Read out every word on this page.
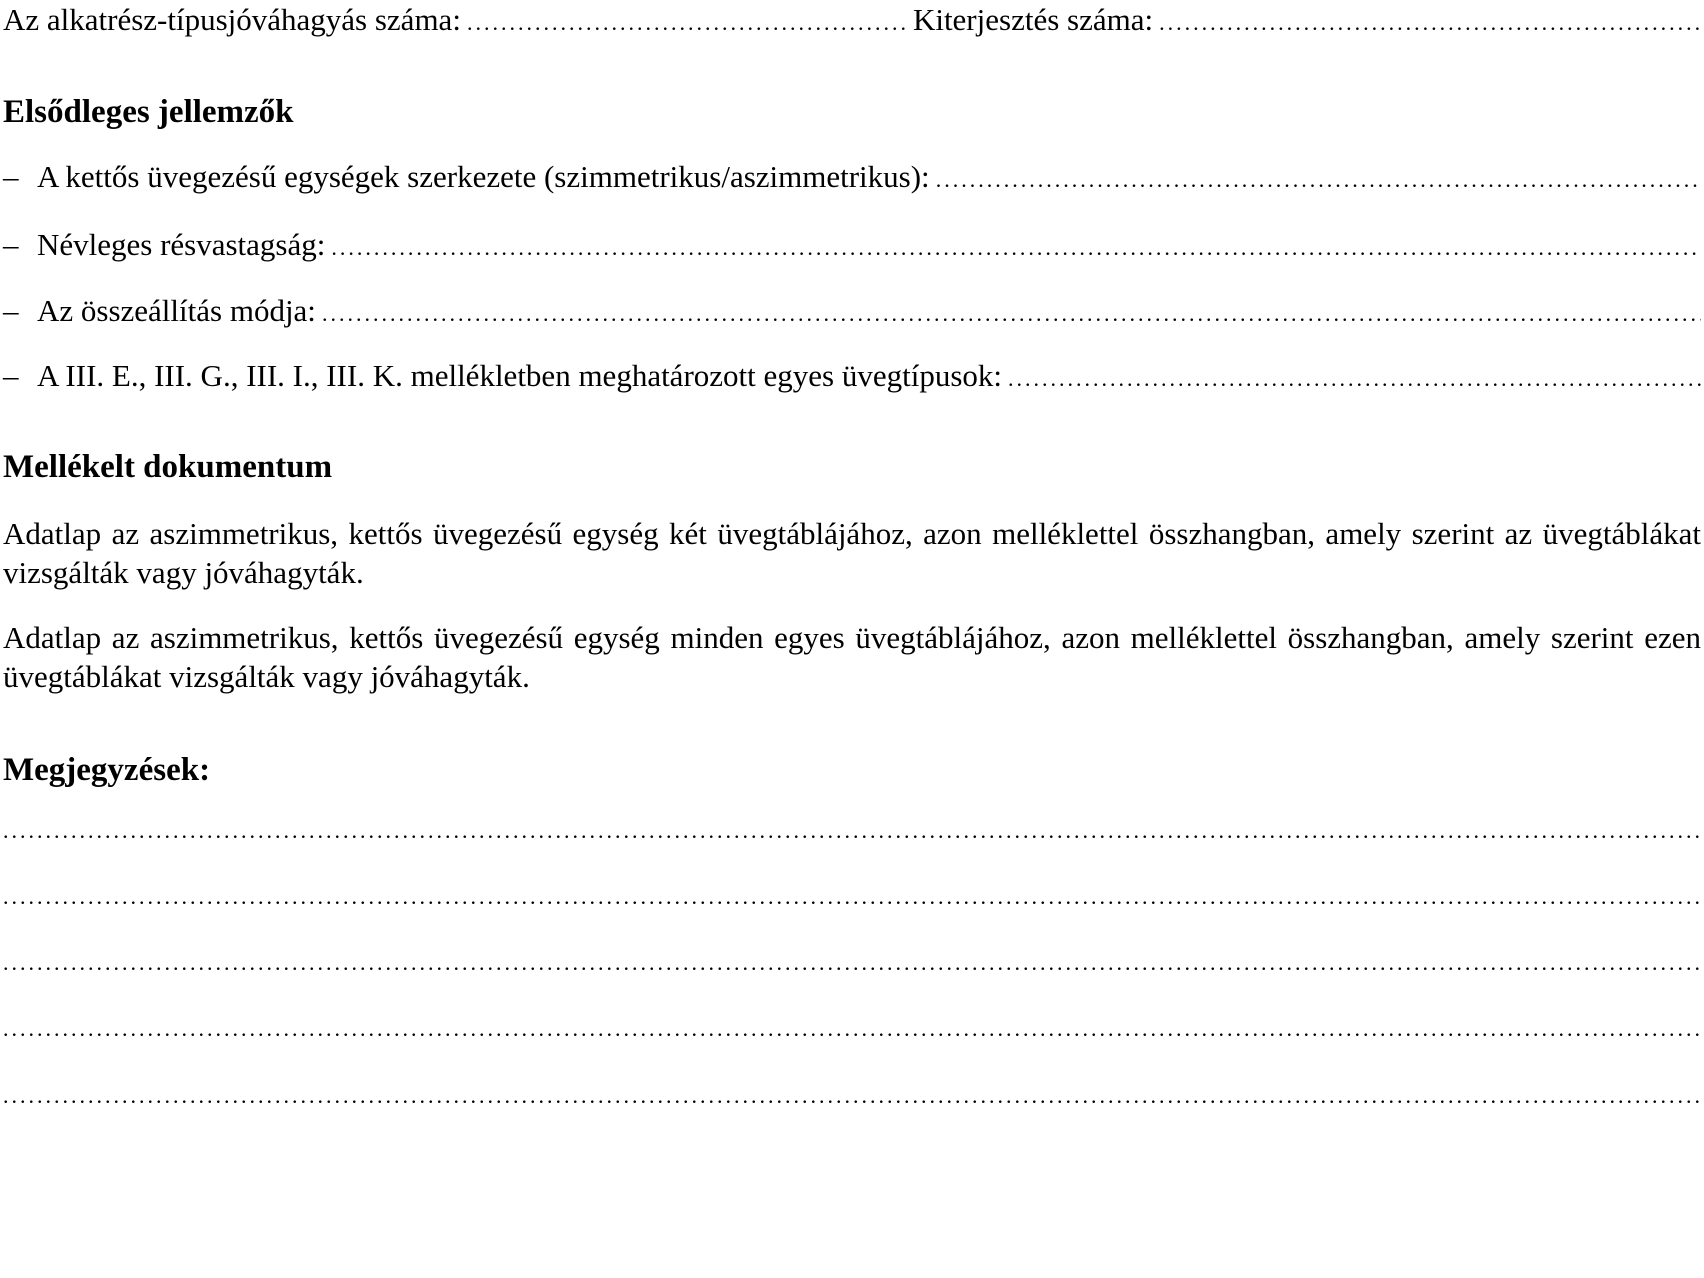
Az alkatrész-típusjóváhagyás száma: .....	Kiterjesztés száma:
.....
Elsődleges jellemzők
– A kettős üvegezésű egységek szerkezete (szimmetrikus/aszimmetrikus):
.....
– Névleges résvastagság:
.....
– Az összeállítás módja:
.....
– A III. E., III. G., III. I., III. K. mellékletben meghatározott egyes üvegtípusok:
.....
Mellékelt dokumentum

Adatlap az aszimmetrikus, kettős üvegezésű egység két üvegtáblájához, azon melléklettel összhangban, amely szerint az üvegtáblákat vizsgálták vagy jóváhagyták.

Adatlap az aszimmetrikus, kettős üvegezésű egység minden egyes üvegtáblájához, azon melléklettel összhangban, amely szerint ezen üvegtáblákat vizsgálták vagy jóváhagyták.

Megjegyzések:
.....
.....
.....
.....
.....
